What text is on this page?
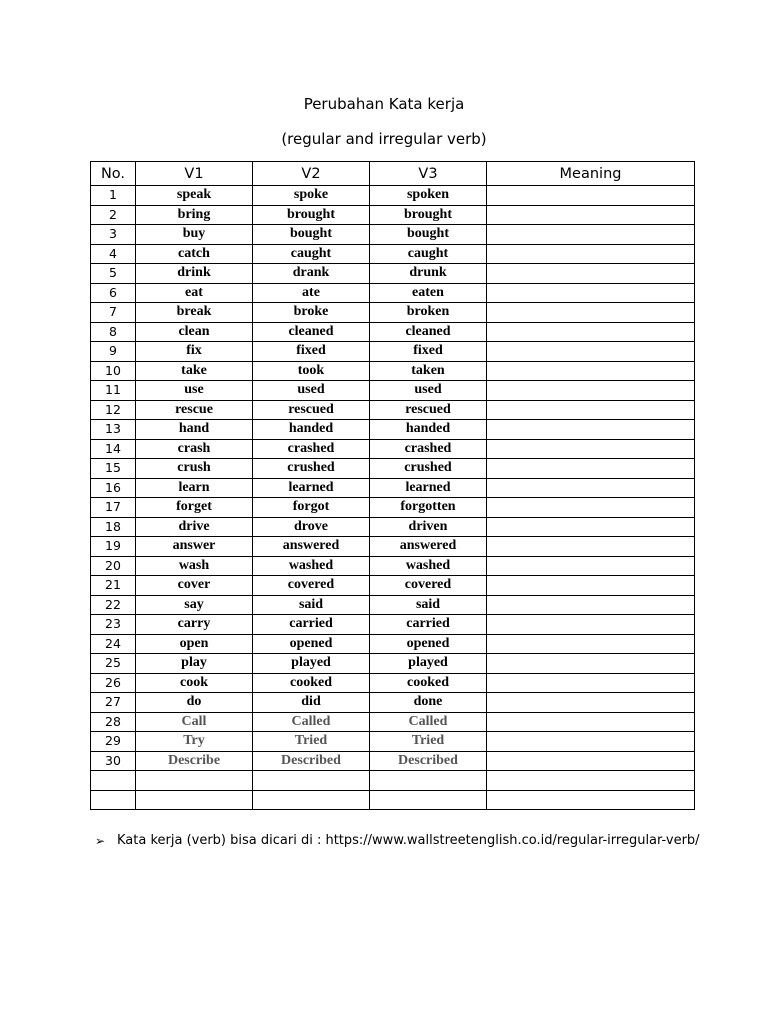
Perubahan Kata kerja
(regular and irregular verb)
No.	V1	V2	V3	Meaning
1	speak	spoke	spoken	
2	bring	brought	brought	
3	buy	bought	bought	
4	catch	caught	caught	
5	drink	drank	drunk	
6	eat	ate	eaten	
7	break	broke	broken	
8	clean	cleaned	cleaned	
9	fix	fixed	fixed	
10	take	took	taken	
11	use	used	used	
12	rescue	rescued	rescued	
13	hand	handed	handed	
14	crash	crashed	crashed	
15	crush	crushed	crushed	
16	learn	learned	learned	
17	forget	forgot	forgotten	
18	drive	drove	driven	
19	answer	answered	answered	
20	wash	washed	washed	
21	cover	covered	covered	
22	say	said	said	
23	carry	carried	carried	
24	open	opened	opened	
25	play	played	played	
26	cook	cooked	cooked	
27	do	did	done	
28	Call	Called	Called	
29	Try	Tried	Tried	
30	Describe	Described	Described	

➢ Kata kerja (verb) bisa dicari di : https://www.wallstreetenglish.co.id/regular-irregular-verb/
